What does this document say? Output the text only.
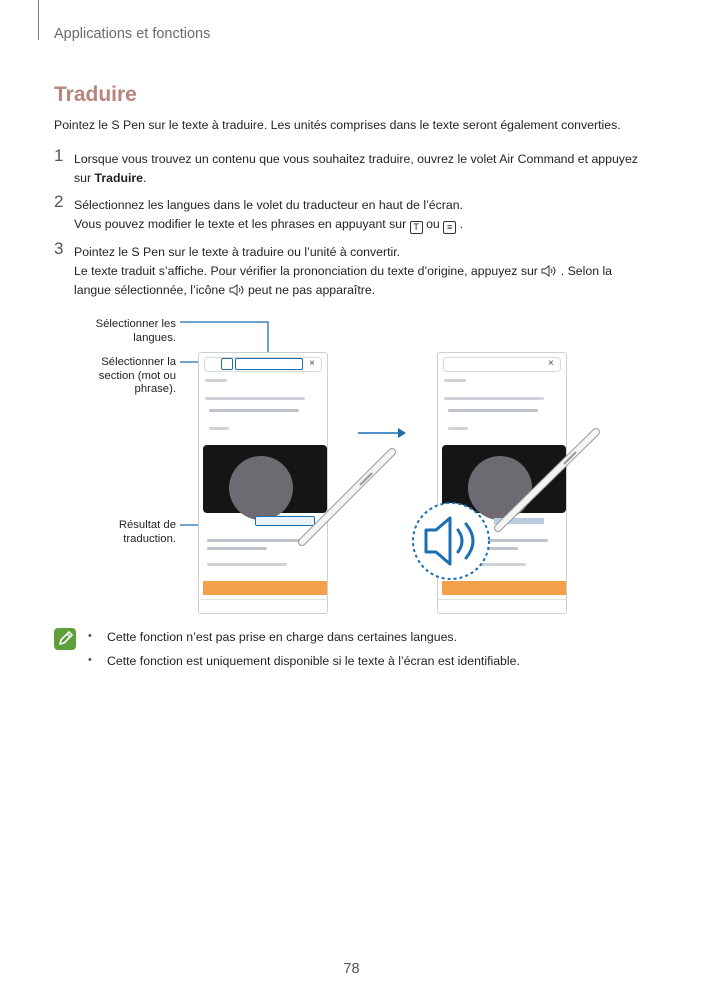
Applications et fonctions
Traduire
Pointez le S Pen sur le texte à traduire. Les unités comprises dans le texte seront également converties.
1 Lorsque vous trouvez un contenu que vous souhaitez traduire, ouvrez le volet Air Command et appuyez
sur Traduire.
2 Sélectionnez les langues dans le volet du traducteur en haut de l’écran.
Vous pouvez modifier le texte et les phrases en appuyant sur T ou ≡ .
3 Pointez le S Pen sur le texte à traduire ou l’unité à convertir.
Le texte traduit s’affiche. Pour vérifier la prononciation du texte d’origine, appuyez sur  . Selon la
langue sélectionnée, l’icône  peut ne pas apparaître.
Sélectionner les
langues.
Sélectionner la
section (mot ou
phrase).
Résultat de
traduction.
×	×
• Cette fonction n’est pas prise en charge dans certaines langues.
• Cette fonction est uniquement disponible si le texte à l’écran est identifiable.
78
